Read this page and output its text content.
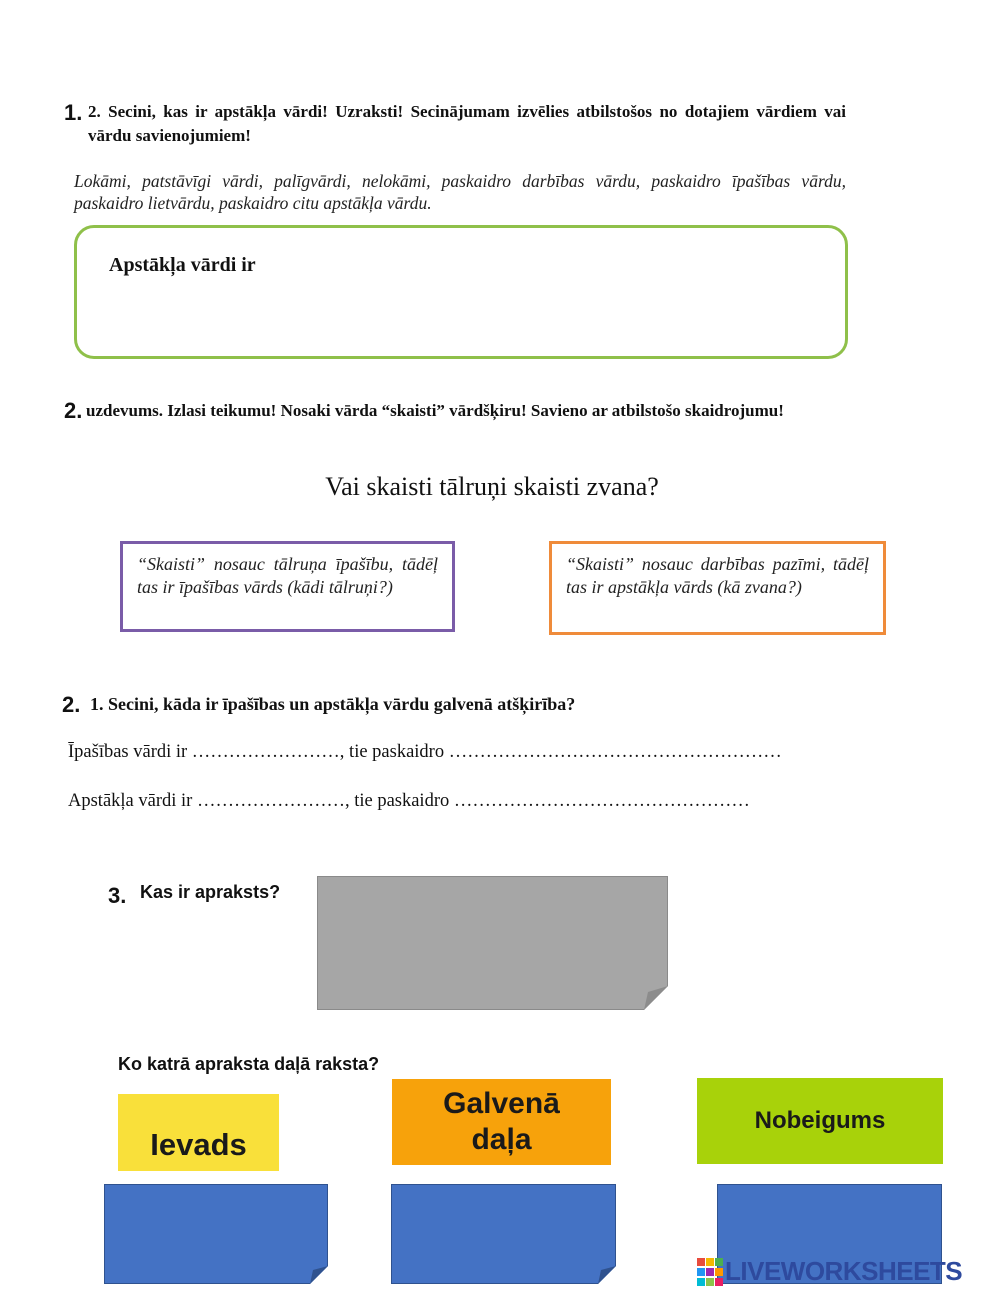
1. 2. Secini, kas ir apstākļa vārdi! Uzraksti! Secinājumam izvēlies atbilstošos no dotajiem vārdiem vai vārdu savienojumiem!
Lokāmi, patstāvīgi vārdi, palīgvārdi, nelokāmi, paskaidro darbības vārdu, paskaidro īpašības vārdu, paskaidro lietvārdu, paskaidro citu apstākļa vārdu.
Apstākļa vārdi ir
2. uzdevums. Izlasi teikumu! Nosaki vārda “skaisti” vārdšķiru! Savieno ar atbilstošo skaidrojumu!
Vai skaisti tālruņi skaisti zvana?
“Skaisti” nosauc tālruņa īpašību, tādēļ tas ir īpašības vārds (kādi tālruņi?)
“Skaisti” nosauc darbības pazīmi, tādēļ tas ir apstākļa vārds (kā zvana?)
2. 1. Secini, kāda ir īpašības un apstākļa vārdu galvenā atšķirība?
Īpašības vārdi ir ……………………, tie paskaidro ………………………………………………
Apstākļa vārdi ir ……………………, tie paskaidro …………………………………………
3. Kas ir apraksts?
Ko katrā apraksta daļā raksta?
Ievads
Galvenā daļa
Nobeigums
LIVEWORKSHEETS
